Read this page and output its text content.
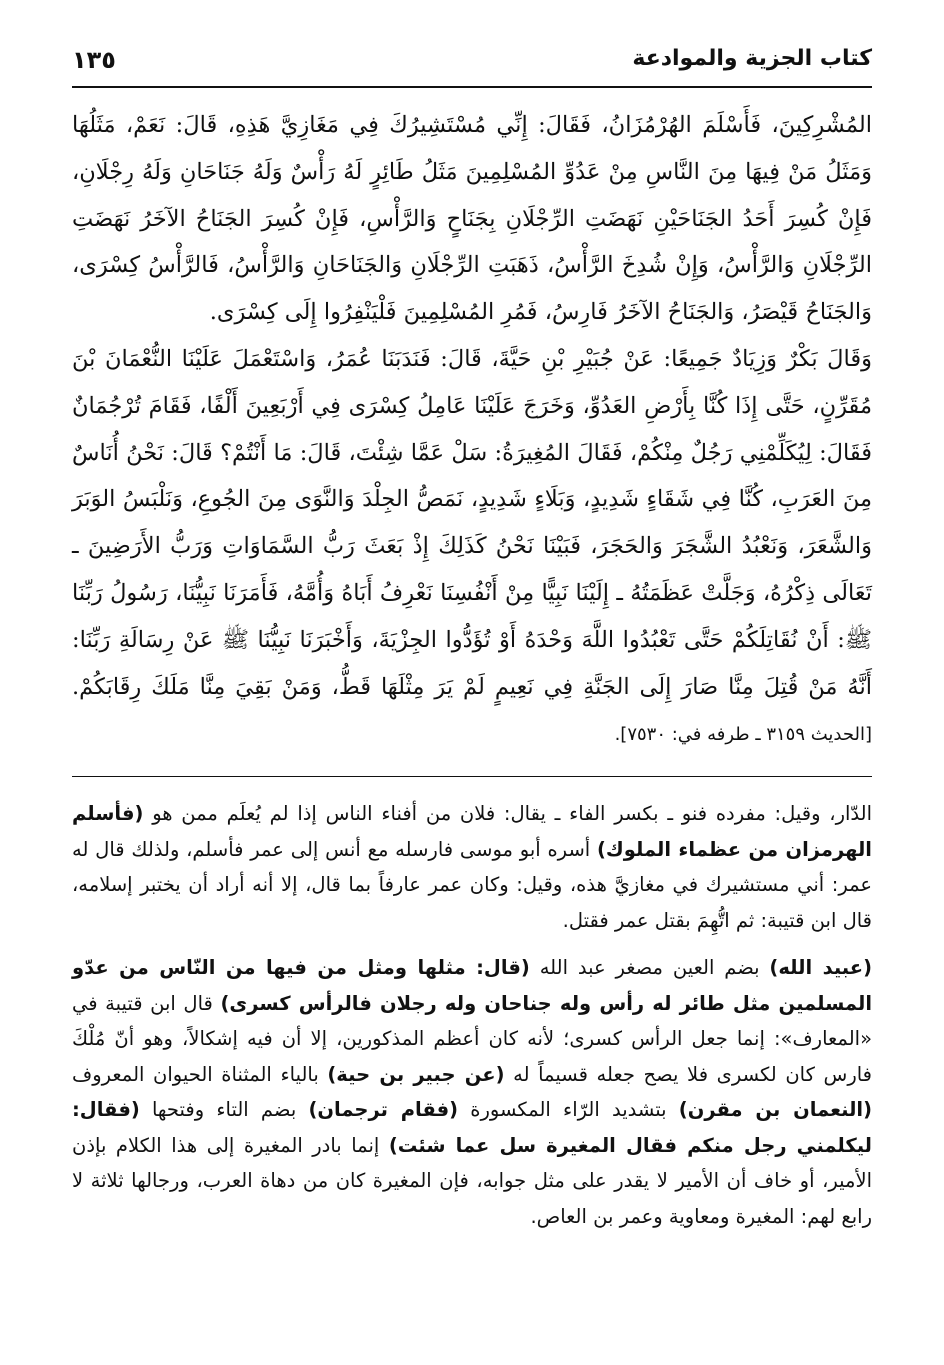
كتاب الجزية والموادعة
١٣٥

المُشْرِكِينَ، فَأَسْلَمَ الهُرْمُزَانُ، فَقَالَ: إِنِّي مُسْتَشِيرُكَ فِي مَغَازِيَّ هَذِهِ، قَالَ: نَعَمْ، مَثَلُهَا وَمَثَلُ مَنْ فِيهَا مِنَ النَّاسِ مِنْ عَدُوِّ المُسْلِمِينَ مَثَلُ طَائِرٍ لَهُ رَأْسٌ وَلَهُ جَنَاحَانِ وَلَهُ رِجْلَانِ، فَإِنْ كُسِرَ أَحَدُ الجَنَاحَيْنِ نَهَضَتِ الرِّجْلَانِ بِجَنَاحٍ وَالرَّأْسِ، فَإِنْ كُسِرَ الجَنَاحُ الآخَرُ نَهَضَتِ الرِّجْلَانِ وَالرَّأْسُ، وَإِنْ شُدِخَ الرَّأْسُ، ذَهَبَتِ الرِّجْلَانِ وَالجَنَاحَانِ وَالرَّأْسُ، فَالرَّأْسُ كِسْرَى، وَالجَنَاحُ قَيْصَرُ، وَالجَنَاحُ الآخَرُ فَارِسُ، فَمُرِ المُسْلِمِينَ فَلْيَنْفِرُوا إِلَى كِسْرَى.

وَقَالَ بَكْرٌ وَزِيَادٌ جَمِيعًا: عَنْ جُبَيْرِ بْنِ حَيَّةَ، قَالَ: فَنَدَبَنَا عُمَرُ، وَاسْتَعْمَلَ عَلَيْنَا النُّعْمَانَ بْنَ مُقَرِّنٍ، حَتَّى إِذَا كُنَّا بِأَرْضِ العَدُوِّ، وَخَرَجَ عَلَيْنَا عَامِلُ كِسْرَى فِي أَرْبَعِينَ أَلْفًا، فَقَامَ تُرْجُمَانٌ فَقَالَ: لِيُكَلِّمْنِي رَجُلٌ مِنْكُمْ، فَقَالَ المُغِيرَةُ: سَلْ عَمَّا شِئْتَ، قَالَ: مَا أَنْتُمْ؟ قَالَ: نَحْنُ أُنَاسٌ مِنَ العَرَبِ، كُنَّا فِي شَقَاءٍ شَدِيدٍ، وَبَلَاءٍ شَدِيدٍ، نَمَصُّ الجِلْدَ وَالنَّوَى مِنَ الجُوعِ، وَنَلْبَسُ الوَبَرَ وَالشَّعَرَ، وَنَعْبُدُ الشَّجَرَ وَالحَجَرَ، فَبَيْنَا نَحْنُ كَذَلِكَ إِذْ بَعَثَ رَبُّ السَّمَاوَاتِ وَرَبُّ الأَرَضِينَ ـ تَعَالَى ذِكْرُهُ، وَجَلَّتْ عَظَمَتُهُ ـ إِلَيْنَا نَبِيًّا مِنْ أَنْفُسِنَا نَعْرِفُ أَبَاهُ وَأُمَّهُ، فَأَمَرَنَا نَبِيُّنَا، رَسُولُ رَبِّنَا ﷺ: أَنْ نُقَاتِلَكُمْ حَتَّى تَعْبُدُوا اللَّهَ وَحْدَهُ أَوْ تُؤَدُّوا الجِزْيَةَ، وَأَخْبَرَنَا نَبِيُّنَا ﷺ عَنْ رِسَالَةِ رَبِّنَا: أَنَّهُ مَنْ قُتِلَ مِنَّا صَارَ إِلَى الجَنَّةِ فِي نَعِيمٍ لَمْ يَرَ مِثْلَهَا قَطُّ، وَمَنْ بَقِيَ مِنَّا مَلَكَ رِقَابَكُمْ. [الحديث ٣١٥٩ ـ طرفه في: ٧٥٣٠].

الدّار، وقيل: مفرده فنو ـ بكسر الفاء ـ يقال: فلان من أفناء الناس إذا لم يُعلَم ممن هو (فأسلم الهرمزان من عظماء الملوك) أسره أبو موسى فارسله مع أنس إلى عمر فأسلم، ولذلك قال له عمر: أني مستشيرك في مغازيَّ هذه، وقيل: وكان عمر عارفاً بما قال، إلا أنه أراد أن يختبر إسلامه، قال ابن قتيبة: ثم اتُّهِمَ بقتل عمر فقتل.

(عبيد الله) بضم العين مصغر عبد الله (قال: مثلها ومثل من فيها من النّاس من عدّو المسلمين مثل طائر له رأس وله جناحان وله رجلان فالرأس كسرى) قال ابن قتيبة في «المعارف»: إنما جعل الرأس كسرى؛ لأنه كان أعظم المذكورين، إلا أن فيه إشكالاً، وهو أنّ مُلْكَ فارس كان لكسرى فلا يصح جعله قسيماً له (عن جبير بن حية) بالياء المثناة الحيوان المعروف (النعمان بن مقرن) بتشديد الرّاء المكسورة (فقام ترجمان) بضم التاء وفتحها (فقال: ليكلمني رجل منكم فقال المغيرة سل عما شئت) إنما بادر المغيرة إلى هذا الكلام بإذن الأمير، أو خاف أن الأمير لا يقدر على مثل جوابه، فإن المغيرة كان من دهاة العرب، ورجالها ثلاثة لا رابع لهم: المغيرة ومعاوية وعمر بن العاص.
